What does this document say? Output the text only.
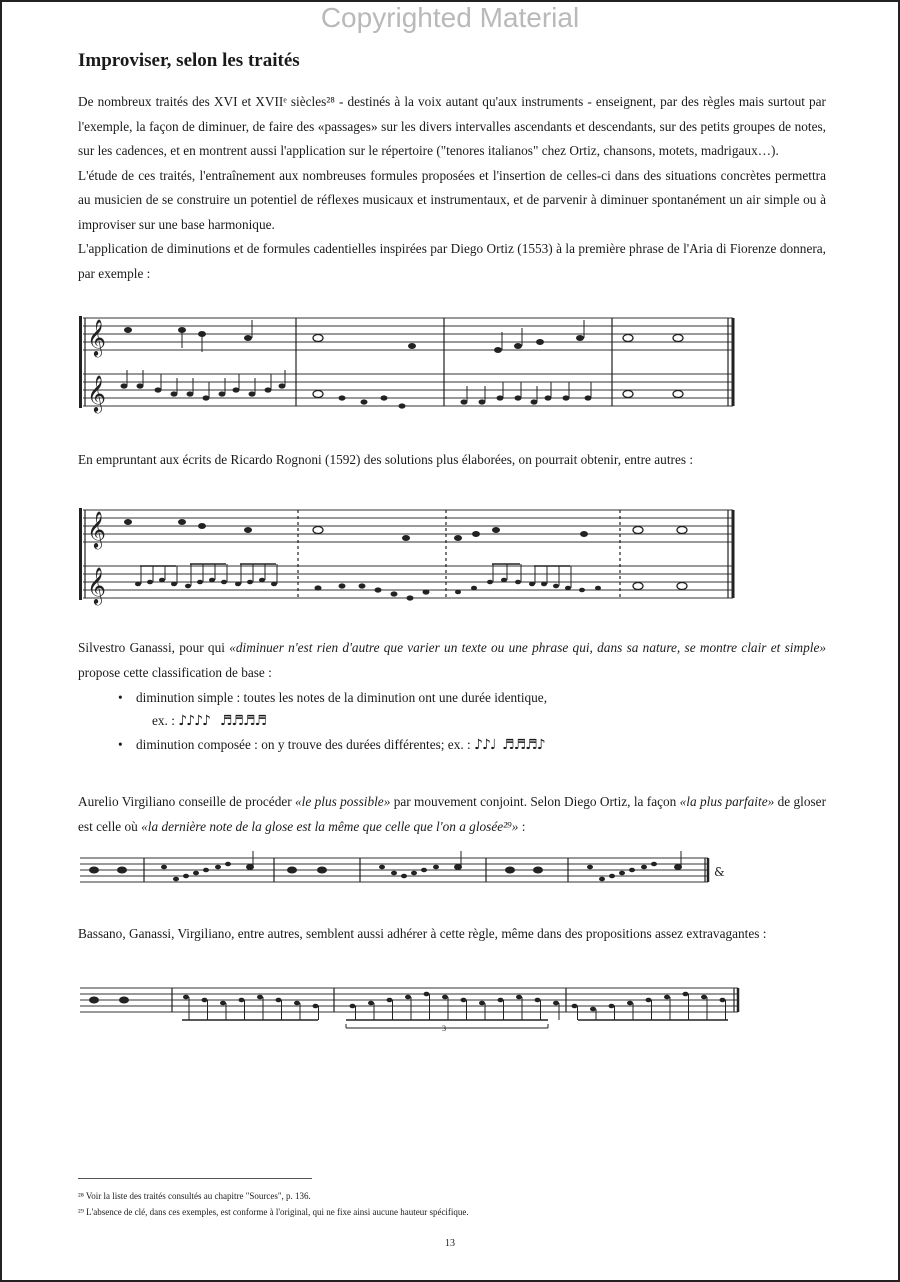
Copyrighted Material
Improviser, selon les traités

De nombreux traités des XVI et XVIIᵉ siècles²⁸ - destinés à la voix autant qu'aux instruments - enseignent, par des règles mais surtout par l'exemple, la façon de diminuer, de faire des «passages» sur les divers intervalles ascendants et descendants, sur des petits groupes de notes, sur les cadences, et en montrent aussi l'application sur le répertoire ("tenores italianos" chez Ortiz, chansons, motets, madrigaux…).

L'étude de ces traités, l'entraînement aux nombreuses formules proposées et l'insertion de celles-ci dans des situations concrètes permettra au musicien de se construire un potentiel de réflexes musicaux et instrumentaux, et de parvenir à diminuer spontanément un air simple ou à improviser sur une base harmonique.

L'application de diminutions et de formules cadentielles inspirées par Diego Ortiz (1553) à la première phrase de l'Aria di Fiorenze donnera, par exemple :

𝄞
𝄞
En empruntant aux écrits de Ricardo Rognoni (1592) des solutions plus élaborées, on pourrait obtenir, entre autres :
𝄞
𝄞
Silvestro Ganassi, pour qui «diminuer n'est rien d'autre que varier un texte ou une phrase qui, dans sa nature, se montre clair et simple» propose cette classification de base :
• diminution simple : toutes les notes de la diminution ont une durée identique,
ex. : ♪♪♪♪ ♬♬♬♬
• diminution composée : on y trouve des durées différentes; ex. : ♪♪♩ ♬♬♬♪
Aurelio Virgiliano conseille de procéder «le plus possible» par mouvement conjoint. Selon Diego Ortiz, la façon «la plus parfaite» de gloser est celle où «la dernière note de la glose est la même que celle que l'on a glosée²⁹» :
&
Bassano, Ganassi, Virgiliano, entre autres, semblent aussi adhérer à cette règle, même dans des propositions assez extravagantes :
3

²⁸ Voir la liste des traités consultés au chapitre "Sources", p. 136.

²⁹ L'absence de clé, dans ces exemples, est conforme à l'original, qui ne fixe ainsi aucune hauteur spécifique.

13
